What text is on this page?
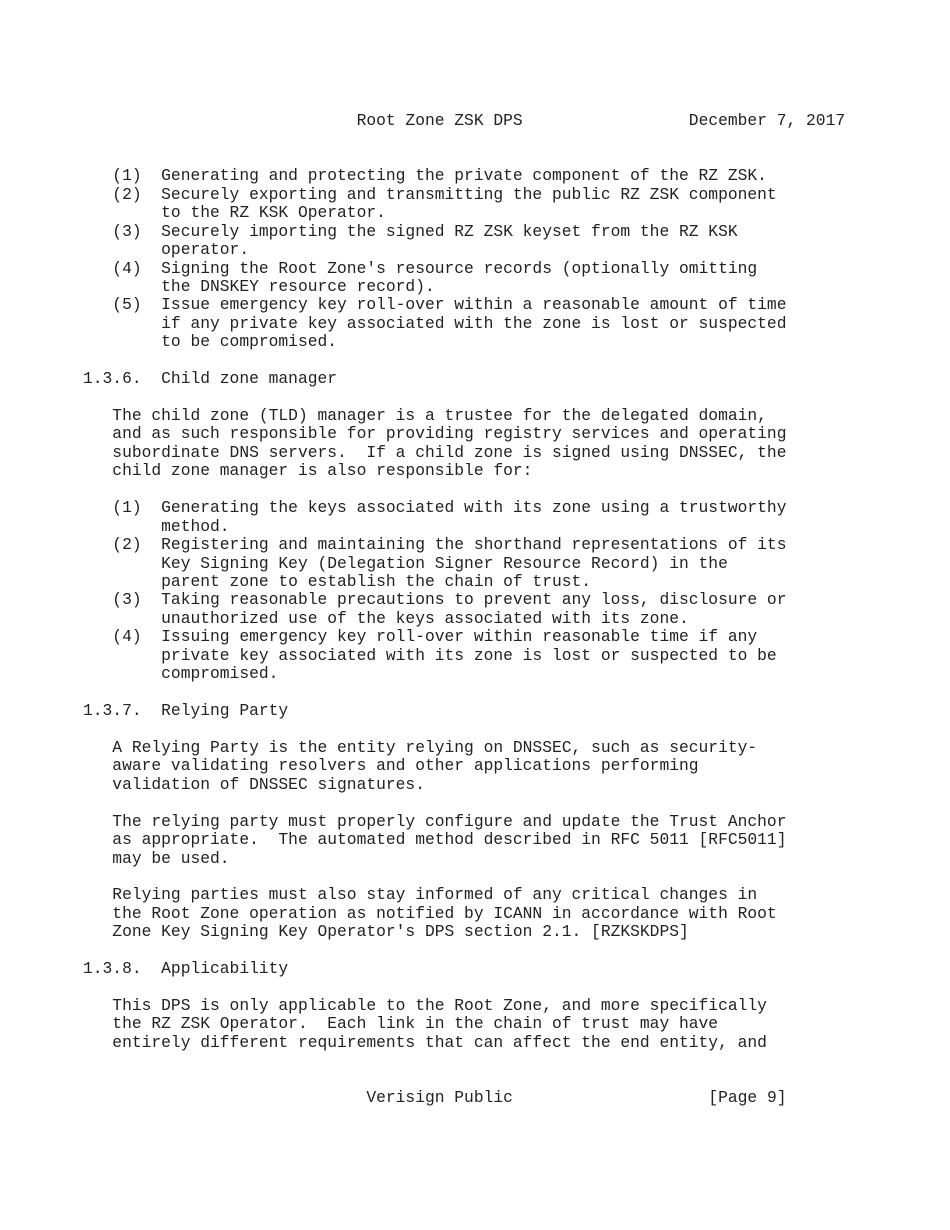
Root Zone ZSK DPS	December 7, 2017
(1)  Generating and protecting the private component of the RZ ZSK.
(2)  Securely exporting and transmitting the public RZ ZSK component
to the RZ KSK Operator.
(3)  Securely importing the signed RZ ZSK keyset from the RZ KSK
operator.
(4)  Signing the Root Zone's resource records (optionally omitting
the DNSKEY resource record).
(5)  Issue emergency key roll-over within a reasonable amount of time
if any private key associated with the zone is lost or suspected
to be compromised.
1.3.6.  Child zone manager
The child zone (TLD) manager is a trustee for the delegated domain,
and as such responsible for providing registry services and operating
subordinate DNS servers.  If a child zone is signed using DNSSEC, the
child zone manager is also responsible for:
(1)  Generating the keys associated with its zone using a trustworthy
method.
(2)  Registering and maintaining the shorthand representations of its
Key Signing Key (Delegation Signer Resource Record) in the
parent zone to establish the chain of trust.
(3)  Taking reasonable precautions to prevent any loss, disclosure or
unauthorized use of the keys associated with its zone.
(4)  Issuing emergency key roll-over within reasonable time if any
private key associated with its zone is lost or suspected to be
compromised.
1.3.7.  Relying Party
A Relying Party is the entity relying on DNSSEC, such as security-
aware validating resolvers and other applications performing
validation of DNSSEC signatures.
The relying party must properly configure and update the Trust Anchor
as appropriate.  The automated method described in RFC 5011 [RFC5011]
may be used.
Relying parties must also stay informed of any critical changes in
the Root Zone operation as notified by ICANN in accordance with Root
Zone Key Signing Key Operator's DPS section 2.1. [RZKSKDPS]
1.3.8.  Applicability
This DPS is only applicable to the Root Zone, and more specifically
the RZ ZSK Operator.  Each link in the chain of trust may have
entirely different requirements that can affect the end entity, and
Verisign Public	[Page 9]
